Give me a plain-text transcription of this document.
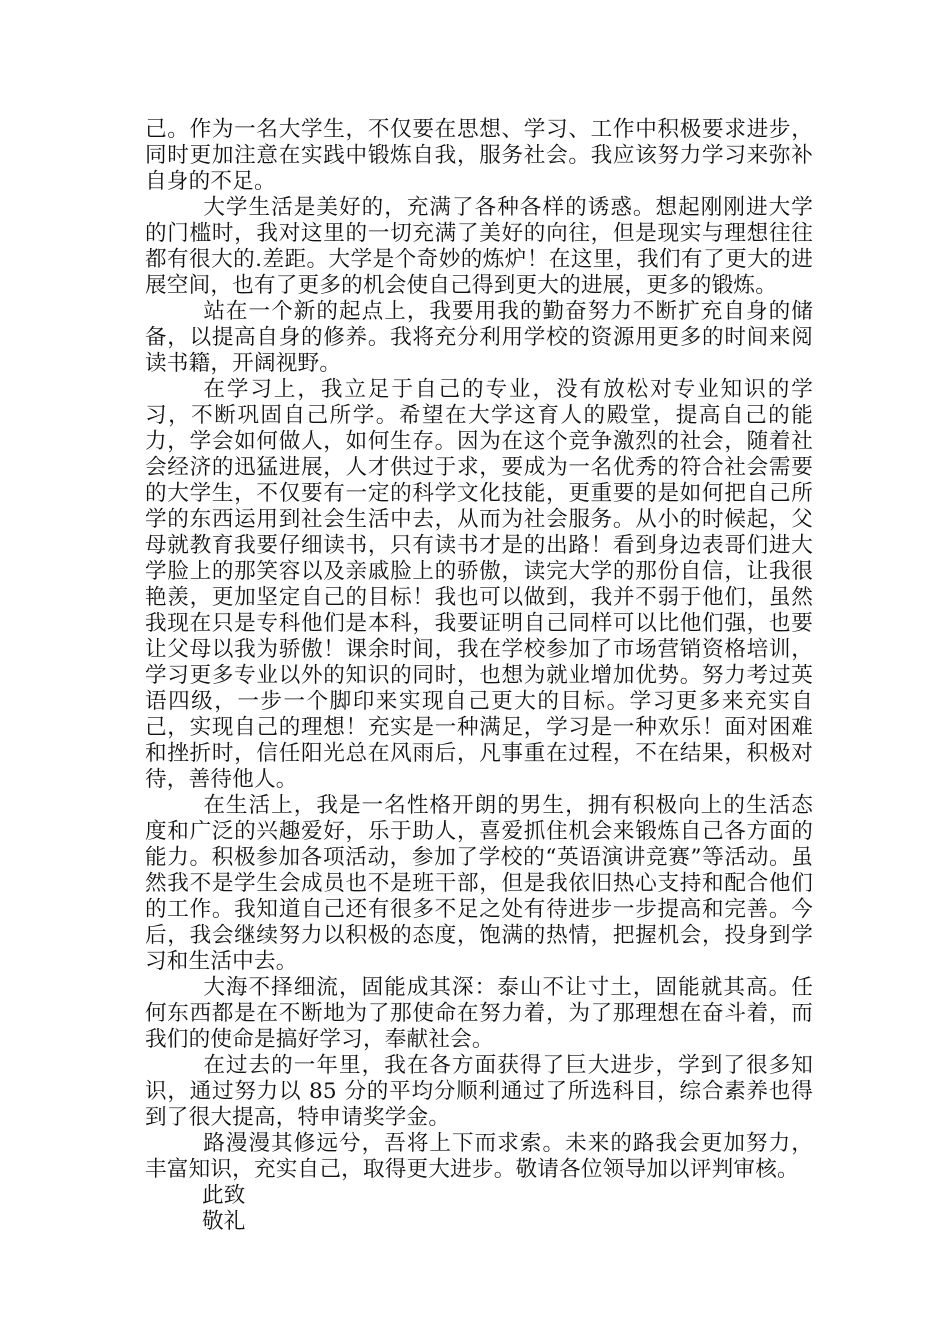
己。作为一名大学生，不仅要在思想、学习、工作中积极要求进步，同时更加注意在实践中锻炼自我，服务社会。我应该努力学习来弥补自身的不足。

大学生活是美好的，充满了各种各样的诱惑。想起刚刚进大学的门槛时，我对这里的一切充满了美好的向往，但是现实与理想往往都有很大的.差距。大学是个奇妙的炼炉！在这里，我们有了更大的进展空间，也有了更多的机会使自己得到更大的进展，更多的锻炼。

站在一个新的起点上，我要用我的勤奋努力不断扩充自身的储备，以提高自身的修养。我将充分利用学校的资源用更多的时间来阅读书籍，开阔视野。

在学习上，我立足于自己的专业，没有放松对专业知识的学习，不断巩固自己所学。希望在大学这育人的殿堂，提高自己的能力，学会如何做人，如何生存。因为在这个竞争激烈的社会，随着社会经济的迅猛进展，人才供过于求，要成为一名优秀的符合社会需要的大学生，不仅要有一定的科学文化技能，更重要的是如何把自己所学的东西运用到社会生活中去，从而为社会服务。从小的时候起，父母就教育我要仔细读书，只有读书才是的出路！看到身边表哥们进大学脸上的那笑容以及亲戚脸上的骄傲，读完大学的那份自信，让我很艳羡，更加坚定自己的目标！我也可以做到，我并不弱于他们，虽然我现在只是专科他们是本科，我要证明自己同样可以比他们强，也要让父母以我为骄傲！课余时间，我在学校参加了市场营销资格培训，学习更多专业以外的知识的同时，也想为就业增加优势。努力考过英语四级，一步一个脚印来实现自己更大的目标。学习更多来充实自己，实现自己的理想！充实是一种满足，学习是一种欢乐！面对困难和挫折时，信任阳光总在风雨后，凡事重在过程，不在结果，积极对待，善待他人。

在生活上，我是一名性格开朗的男生，拥有积极向上的生活态度和广泛的兴趣爱好，乐于助人，喜爱抓住机会来锻炼自己各方面的能力。积极参加各项活动，参加了学校的“英语演讲竞赛”等活动。虽然我不是学生会成员也不是班干部，但是我依旧热心支持和配合他们的工作。我知道自己还有很多不足之处有待进步一步提高和完善。今后，我会继续努力以积极的态度，饱满的热情，把握机会，投身到学习和生活中去。

大海不择细流，固能成其深：泰山不让寸土，固能就其高。任何东西都是在不断地为了那使命在努力着，为了那理想在奋斗着，而我们的使命是搞好学习，奉献社会。

在过去的一年里，我在各方面获得了巨大进步，学到了很多知识，通过努力以 85 分的平均分顺利通过了所选科目，综合素养也得到了很大提高，特申请奖学金。

路漫漫其修远兮，吾将上下而求索。未来的路我会更加努力，丰富知识，充实自己，取得更大进步。敬请各位领导加以评判审核。

此致

敬礼
